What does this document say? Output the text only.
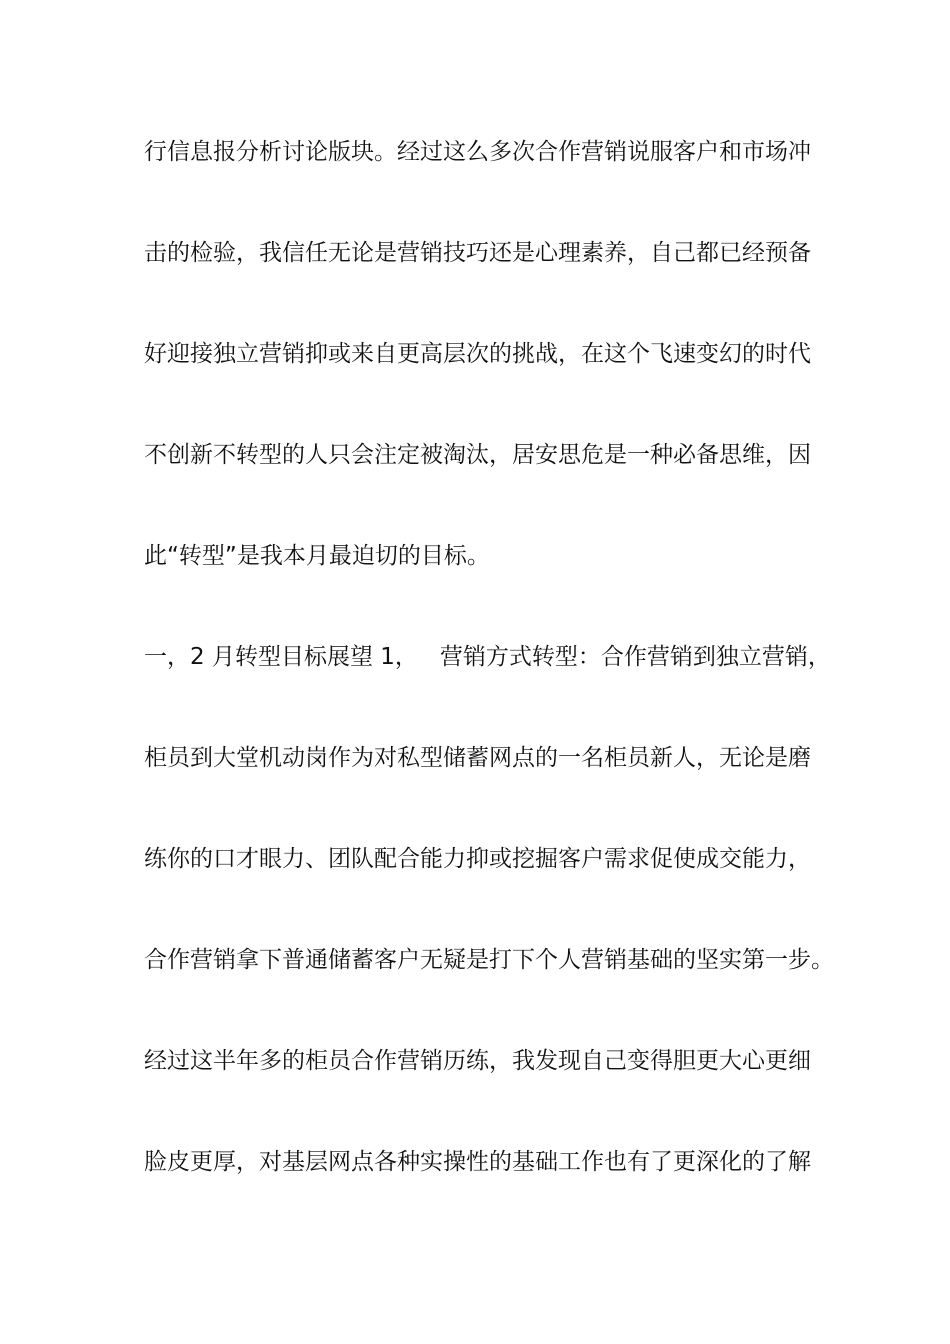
行信息报分析讨论版块。经过这么多次合作营销说服客户和市场冲
击的检验，我信任无论是营销技巧还是心理素养，自己都已经预备
好迎接独立营销抑或来自更高层次的挑战，在这个飞速变幻的时代
不创新不转型的人只会注定被淘汰，居安思危是一种必备思维，因
此“转型”是我本月最迫切的目标。
一，2 月转型目标展望 1， 营销方式转型：合作营销到独立营销，
柜员到大堂机动岗作为对私型储蓄网点的一名柜员新人，无论是磨
练你的口才眼力、团队配合能力抑或挖掘客户需求促使成交能力，
合作营销拿下普通储蓄客户无疑是打下个人营销基础的坚实第一步。
经过这半年多的柜员合作营销历练，我发现自己变得胆更大心更细
脸皮更厚，对基层网点各种实操性的基础工作也有了更深化的了解
